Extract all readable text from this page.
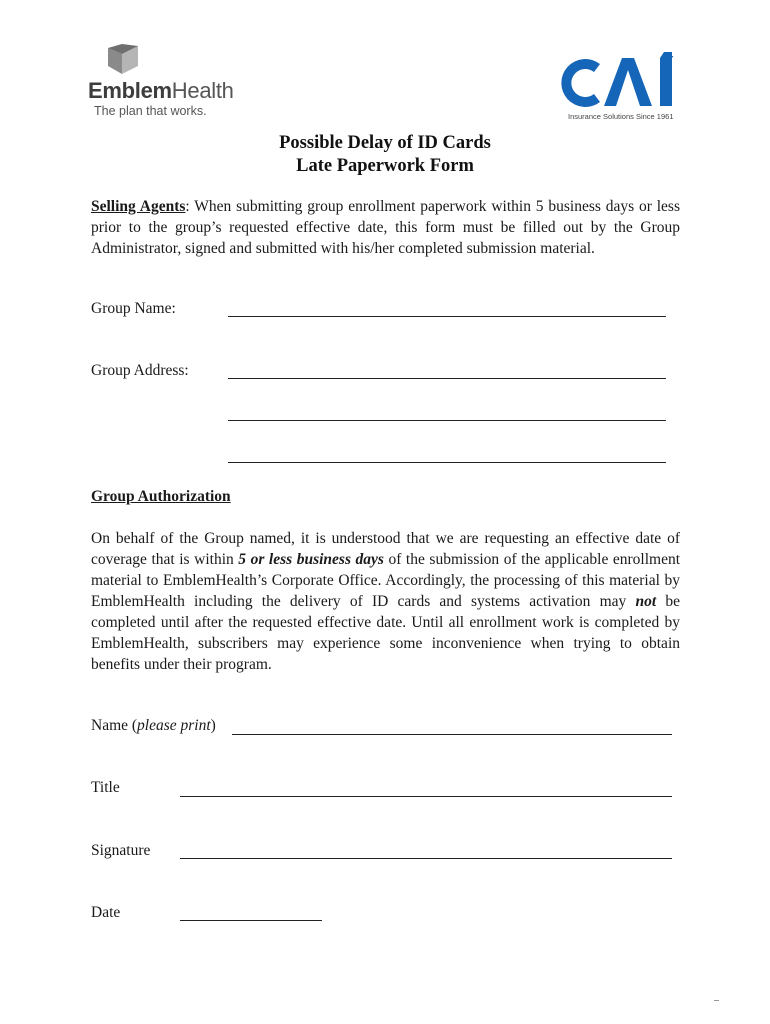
EmblemHealth
The plan that works.	Insurance Solutions Since 1961
Possible Delay of ID Cards
Late Paperwork Form
Selling Agents: When submitting group enrollment paperwork within 5 business days or less prior to the group’s requested effective date, this form must be filled out by the Group Administrator, signed and submitted with his/her completed submission material.
Group Name:
Group Address:
Group Authorization
On behalf of the Group named, it is understood that we are requesting an effective date of coverage that is within 5 or less business days of the submission of the applicable enrollment material to EmblemHealth’s Corporate Office. Accordingly, the processing of this material by EmblemHealth including the delivery of ID cards and systems activation may not be completed until after the requested effective date. Until all enrollment work is completed by EmblemHealth, subscribers may experience some inconvenience when trying to obtain benefits under their program.
Name (please print)
Title
Signature
Date
